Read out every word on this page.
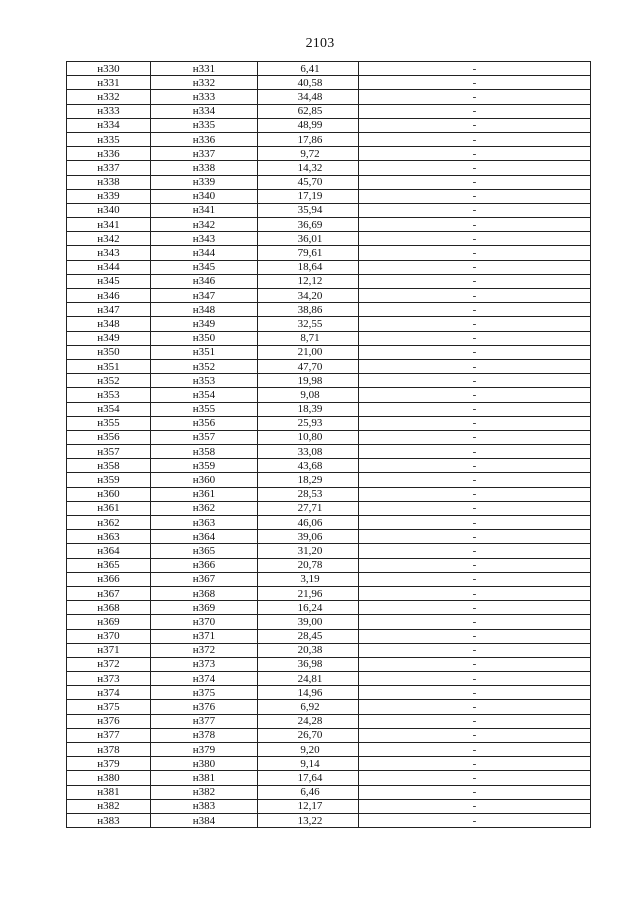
2103
н330	н331	6,41	-
н331	н332	40,58	-
н332	н333	34,48	-
н333	н334	62,85	-
н334	н335	48,99	-
н335	н336	17,86	-
н336	н337	9,72	-
н337	н338	14,32	-
н338	н339	45,70	-
н339	н340	17,19	-
н340	н341	35,94	-
н341	н342	36,69	-
н342	н343	36,01	-
н343	н344	79,61	-
н344	н345	18,64	-
н345	н346	12,12	-
н346	н347	34,20	-
н347	н348	38,86	-
н348	н349	32,55	-
н349	н350	8,71	-
н350	н351	21,00	-
н351	н352	47,70	-
н352	н353	19,98	-
н353	н354	9,08	-
н354	н355	18,39	-
н355	н356	25,93	-
н356	н357	10,80	-
н357	н358	33,08	-
н358	н359	43,68	-
н359	н360	18,29	-
н360	н361	28,53	-
н361	н362	27,71	-
н362	н363	46,06	-
н363	н364	39,06	-
н364	н365	31,20	-
н365	н366	20,78	-
н366	н367	3,19	-
н367	н368	21,96	-
н368	н369	16,24	-
н369	н370	39,00	-
н370	н371	28,45	-
н371	н372	20,38	-
н372	н373	36,98	-
н373	н374	24,81	-
н374	н375	14,96	-
н375	н376	6,92	-
н376	н377	24,28	-
н377	н378	26,70	-
н378	н379	9,20	-
н379	н380	9,14	-
н380	н381	17,64	-
н381	н382	6,46	-
н382	н383	12,17	-
н383	н384	13,22	-
